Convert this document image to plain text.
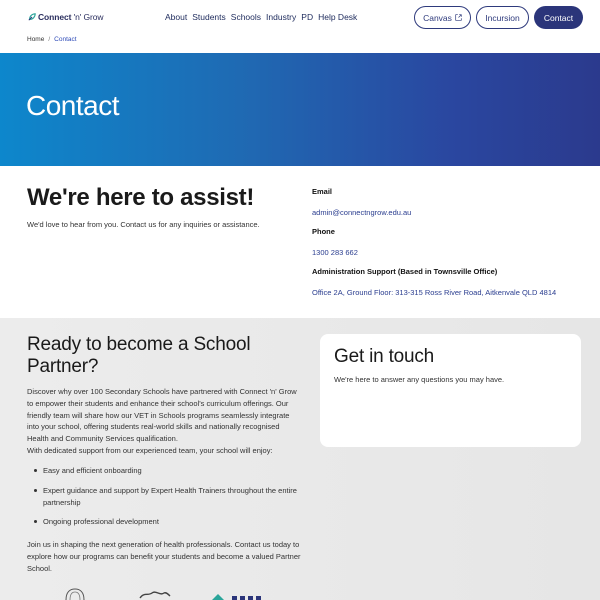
Connect 'n' Grow	About Students Schools Industry PD Help Desk	Canvas	Incursion	Contact
Home / Contact
Contact
We're here to assist!

We'd love to hear from you. Contact us for any inquiries or assistance.

Email
admin@connectngrow.edu.au
Phone
1300 283 662
Administration Support (Based in Townsville Office)
Office 2A, Ground Floor: 313-315 Ross River Road, Aitkenvale QLD 4814
Ready to become a School Partner?

Discover why over 100 Secondary Schools have partnered with Connect 'n' Grow to empower their students and enhance their school's curriculum offerings. Our friendly team will share how our VET in Schools programs seamlessly integrate into your school, offering students real-world skills and nationally recognised Health and Community Services qualification.

With dedicated support from our experienced team, your school will enjoy:

Easy and efficient onboarding
Expert guidance and support by Expert Health Trainers throughout the entire partnership
Ongoing professional development

Join us in shaping the next generation of health professionals. Contact us today to explore how our programs can benefit your students and become a valued Partner School.

Get in touch

We're here to answer any questions you may have.
